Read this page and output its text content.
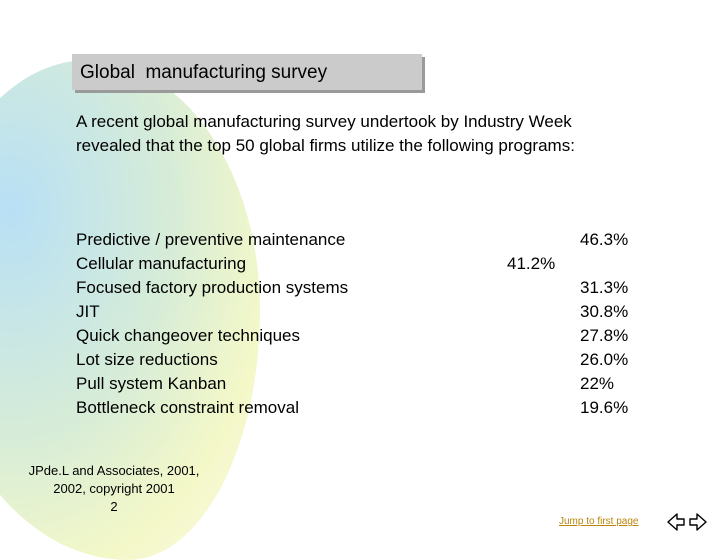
Global  manufacturing survey
A recent global manufacturing survey undertook by Industry Week revealed that the top 50 global firms utilize the following programs:
Predictive / preventive maintenance
Cellular manufacturing
Focused factory production systems
JIT
Quick changeover techniques
Lot size reductions
Pull system Kanban
Bottleneck constraint removal
46.3%
41.2%
31.3%
30.8%
27.8%
26.0%
22%
19.6%
JPde.L and Associates, 2001,
2002, copyright 2001
2
Jump to first page
